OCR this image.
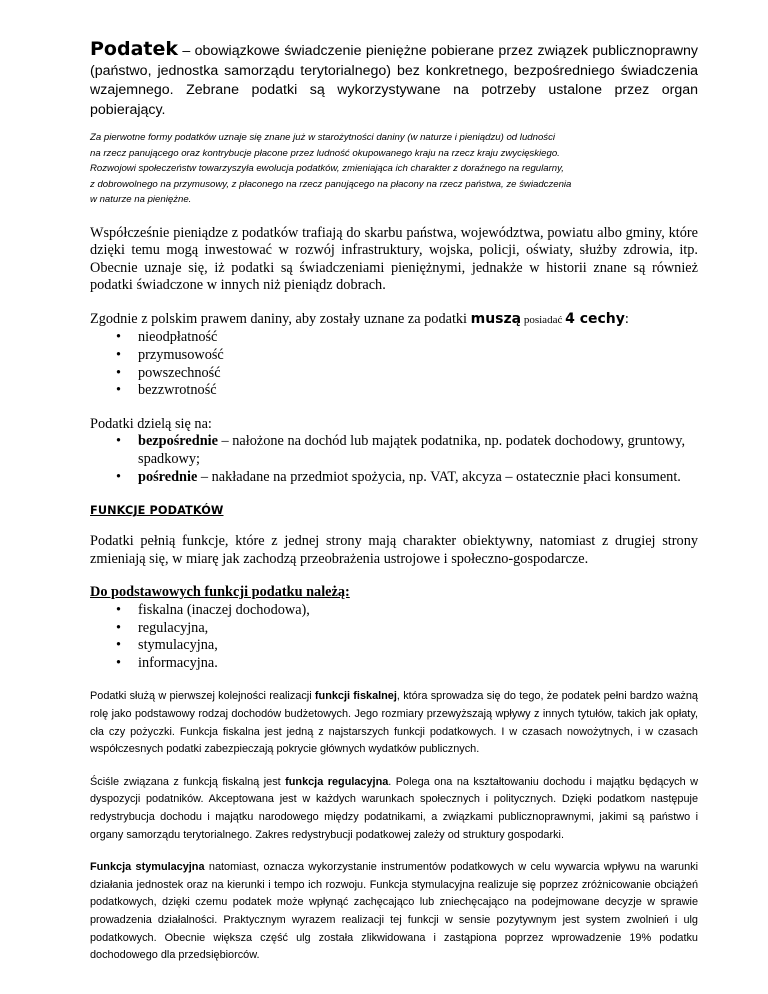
Podatek – obowiązkowe świadczenie pieniężne pobierane przez związek publicznoprawny (państwo, jednostka samorządu terytorialnego) bez konkretnego, bezpośredniego świadczenia wzajemnego. Zebrane podatki są wykorzystywane na potrzeby ustalone przez organ pobierający.

Za pierwotne formy podatków uznaje się znane już w starożytności daniny (w naturze i pieniądzu) od ludności
na rzecz panującego oraz kontrybucje płacone przez ludność okupowanego kraju na rzecz kraju zwycięskiego.
Rozwojowi społeczeństw towarzyszyła ewolucja podatków, zmieniająca ich charakter z doraźnego na regularny,
z dobrowolnego na przymusowy, z płaconego na rzecz panującego na płacony na rzecz państwa, ze świadczenia
w naturze na pieniężne.

Współcześnie pieniądze z podatków trafiają do skarbu państwa, województwa, powiatu albo gminy, które dzięki temu mogą inwestować w rozwój infrastruktury, wojska, policji, oświaty, służby zdrowia, itp. Obecnie uznaje się, iż podatki są świadczeniami pieniężnymi, jednakże w historii znane są również podatki świadczone w innych niż pieniądz dobrach.

Zgodnie z polskim prawem daniny, aby zostały uznane za podatki muszą posiadać 4 cechy:

• nieodpłatność
• przymusowość
• powszechność
• bezzwrotność

Podatki dzielą się na:

• bezpośrednie – nałożone na dochód lub majątek podatnika, np. podatek dochodowy, gruntowy, spadkowy;
• pośrednie – nakładane na przedmiot spożycia, np. VAT, akcyza – ostatecznie płaci konsument.

FUNKCJE PODATKÓW

Podatki pełnią funkcje, które z jednej strony mają charakter obiektywny, natomiast z drugiej strony zmieniają się, w miarę jak zachodzą przeobrażenia ustrojowe i społeczno-gospodarcze.

Do podstawowych funkcji podatku należą:

• fiskalna (inaczej dochodowa),
• regulacyjna,
• stymulacyjna,
• informacyjna.

Podatki służą w pierwszej kolejności realizacji funkcji fiskalnej, która sprowadza się do tego, że podatek pełni bardzo ważną rolę jako podstawowy rodzaj dochodów budżetowych. Jego rozmiary przewyższają wpływy z innych tytułów, takich jak opłaty, cła czy pożyczki. Funkcja fiskalna jest jedną z najstarszych funkcji podatkowych. I w czasach nowożytnych, i w czasach współczesnych podatki zabezpieczają pokrycie głównych wydatków publicznych.

Ściśle związana z funkcją fiskalną jest funkcja regulacyjna. Polega ona na kształtowaniu dochodu i majątku będących w dyspozycji podatników. Akceptowana jest w każdych warunkach społecznych i politycznych. Dzięki podatkom następuje redystrybucja dochodu i majątku narodowego między podatnikami, a związkami publicznoprawnymi, jakimi są państwo i organy samorządu terytorialnego. Zakres redystrybucji podatkowej zależy od struktury gospodarki.

Funkcja stymulacyjna natomiast, oznacza wykorzystanie instrumentów podatkowych w celu wywarcia wpływu na warunki działania jednostek oraz na kierunki i tempo ich rozwoju. Funkcja stymulacyjna realizuje się poprzez zróżnicowanie obciążeń podatkowych, dzięki czemu podatek może wpłynąć zachęcająco lub zniechęcająco na podejmowane decyzje w sprawie prowadzenia działalności. Praktycznym wyrazem realizacji tej funkcji w sensie pozytywnym jest system zwolnień i ulg podatkowych. Obecnie większa część ulg została zlikwidowana i zastąpiona poprzez wprowadzenie 19% podatku dochodowego dla przedsiębiorców.
